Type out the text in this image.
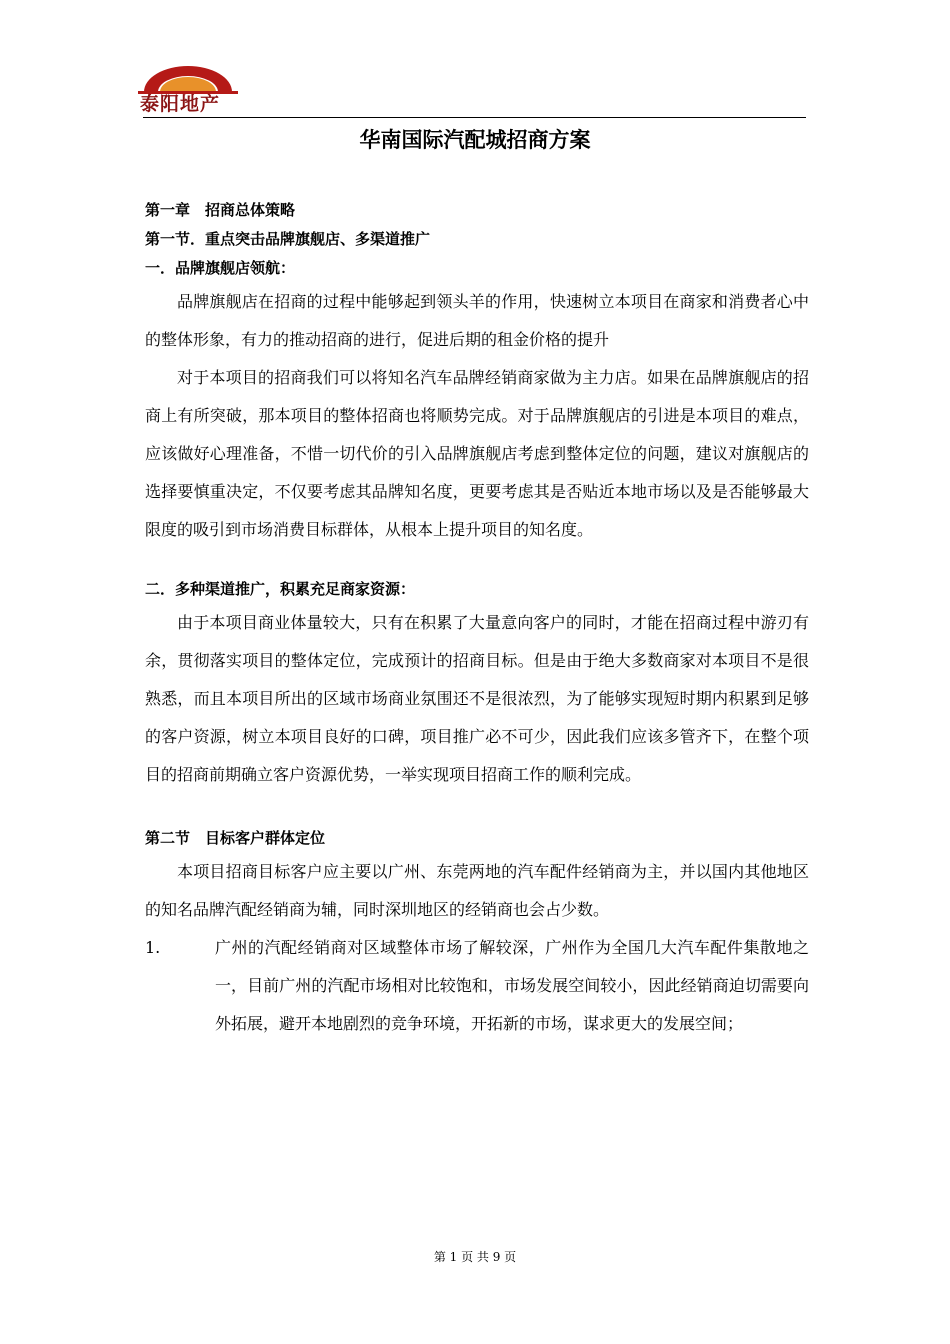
泰阳地产
华南国际汽配城招商方案

第一章　招商总体策略

第一节．重点突击品牌旗舰店、多渠道推广

一．品牌旗舰店领航：

品牌旗舰店在招商的过程中能够起到领头羊的作用，快速树立本项目在商家和消费者心中的整体形象，有力的推动招商的进行，促进后期的租金价格的提升

对于本项目的招商我们可以将知名汽车品牌经销商家做为主力店。如果在品牌旗舰店的招商上有所突破，那本项目的整体招商也将顺势完成。对于品牌旗舰店的引进是本项目的难点，应该做好心理准备，不惜一切代价的引入品牌旗舰店考虑到整体定位的问题，建议对旗舰店的选择要慎重决定，不仅要考虑其品牌知名度，更要考虑其是否贴近本地市场以及是否能够最大限度的吸引到市场消费目标群体，从根本上提升项目的知名度。

二．多种渠道推广，积累充足商家资源：

由于本项目商业体量较大，只有在积累了大量意向客户的同时，才能在招商过程中游刃有余，贯彻落实项目的整体定位，完成预计的招商目标。但是由于绝大多数商家对本项目不是很熟悉，而且本项目所出的区域市场商业氛围还不是很浓烈，为了能够实现短时期内积累到足够的客户资源，树立本项目良好的口碑，项目推广必不可少，因此我们应该多管齐下，在整个项目的招商前期确立客户资源优势，一举实现项目招商工作的顺利完成。

第二节　目标客户群体定位

本项目招商目标客户应主要以广州、东莞两地的汽车配件经销商为主，并以国内其他地区的知名品牌汽配经销商为辅，同时深圳地区的经销商也会占少数。

1.	广州的汽配经销商对区域整体市场了解较深，广州作为全国几大汽车配件集散地之一，目前广州的汽配市场相对比较饱和，市场发展空间较小，因此经销商迫切需要向外拓展，避开本地剧烈的竞争环境，开拓新的市场，谋求更大的发展空间；
第 1 页 共 9 页
